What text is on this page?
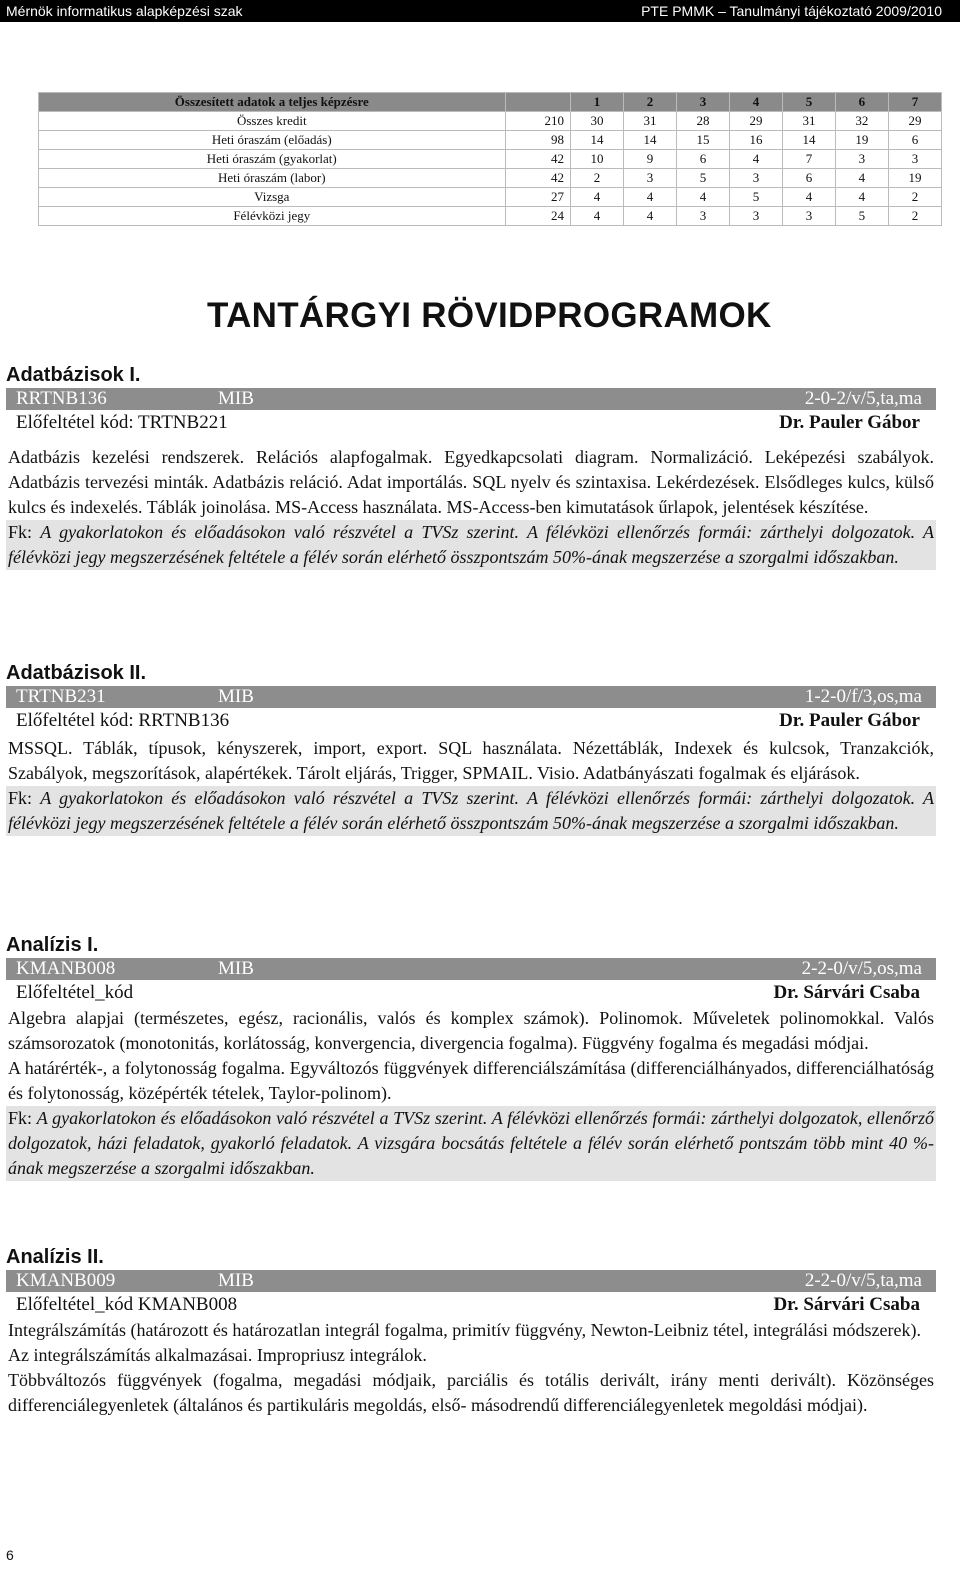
Mérnök informatikus alapképzési szak	PTE PMMK – Tanulmányi tájékoztató 2009/2010
Összesített adatok a teljes képzésre		1	2	3	4	5	6	7
Összes kredit	210	30	31	28	29	31	32	29
Heti óraszám (előadás)	98	14	14	15	16	14	19	6
Heti óraszám (gyakorlat)	42	10	9	6	4	7	3	3
Heti óraszám (labor)	42	2	3	5	3	6	4	19
Vizsga	27	4	4	4	5	4	4	2
Félévközi jegy	24	4	4	3	3	3	5	2
TANTÁRGYI RÖVIDPROGRAMOK
Adatbázisok I.
RRTNB136	MIB	2-0-2/v/5,ta,ma
Előfeltétel kód: TRTNB221	Dr. Pauler Gábor

Adatbázis kezelési rendszerek. Relációs alapfogalmak. Egyedkapcsolati diagram. Normalizáció. Leképezési szabályok. Adatbázis tervezési minták. Adatbázis reláció. Adat importálás. SQL nyelv és szintaxisa. Lekérdezések. Elsődleges kulcs, külső kulcs és indexelés. Táblák joinolása. MS-Access használata. MS-Access-ben kimutatások űrlapok, jelentések készítése.

Fk: A gyakorlatokon és előadásokon való részvétel a TVSz szerint. A félévközi ellenőrzés formái: zárthelyi dolgozatok. A félévközi jegy megszerzésének feltétele a félév során elérhető összpontszám 50%-ának megszerzése a szorgalmi időszakban.
Adatbázisok II.
TRTNB231	MIB	1-2-0/f/3,os,ma
Előfeltétel kód: RRTNB136	Dr. Pauler Gábor

MSSQL. Táblák, típusok, kényszerek, import, export. SQL használata. Nézettáblák, Indexek és kulcsok, Tranzakciók, Szabályok, megszorítások, alapértékek. Tárolt eljárás, Trigger, SPMAIL. Visio. Adatbányászati fogalmak és eljárások.

Fk: A gyakorlatokon és előadásokon való részvétel a TVSz szerint. A félévközi ellenőrzés formái: zárthelyi dolgozatok. A félévközi jegy megszerzésének feltétele a félév során elérhető összpontszám 50%-ának megszerzése a szorgalmi időszakban.
Analízis I.
KMANB008	MIB	2-2-0/v/5,os,ma
Előfeltétel_kód	Dr. Sárvári Csaba

Algebra alapjai (természetes, egész, racionális, valós és komplex számok). Polinomok. Műveletek polinomokkal. Valós számsorozatok (monotonitás, korlátosság, konvergencia, divergencia fogalma). Függvény fogalma és megadási módjai.

A határérték-, a folytonosság fogalma. Egyváltozós függvények differenciálszámítása (differenciálhányados, differenciálhatóság és folytonosság, középérték tételek, Taylor-polinom).

Fk: A gyakorlatokon és előadásokon való részvétel a TVSz szerint. A félévközi ellenőrzés formái: zárthelyi dolgozatok, ellenőrző dolgozatok, házi feladatok, gyakorló feladatok. A vizsgára bocsátás feltétele a félév során elérhető pontszám több mint 40 %-ának megszerzése a szorgalmi időszakban.
Analízis II.
KMANB009	MIB	2-2-0/v/5,ta,ma
Előfeltétel_kód KMANB008	Dr. Sárvári Csaba

Integrálszámítás (határozott és határozatlan integrál fogalma, primitív függvény, Newton-Leibniz tétel, integrálási módszerek).

Az integrálszámítás alkalmazásai. Impropriusz integrálok.

Többváltozós függvények (fogalma, megadási módjaik, parciális és totális derivált, irány menti derivált). Közönséges differenciálegyenletek (általános és partikuláris megoldás, első- másodrendű differenciálegyenletek megoldási módjai).

6
